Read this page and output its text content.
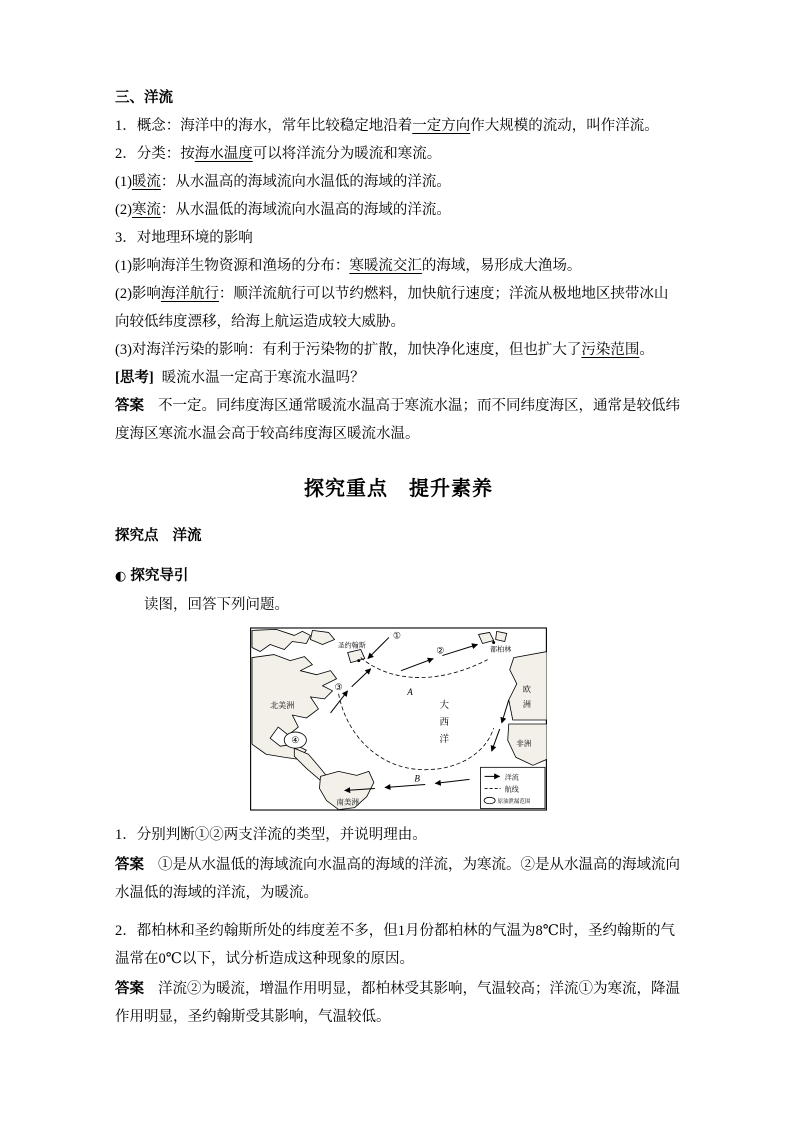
三、洋流

1．概念：海洋中的海水，常年比较稳定地沿着一定方向作大规模的流动，叫作洋流。

2．分类：按海水温度可以将洋流分为暖流和寒流。

(1)暖流：从水温高的海域流向水温低的海域的洋流。

(2)寒流：从水温低的海域流向水温高的海域的洋流。

3．对地理环境的影响

(1)影响海洋生物资源和渔场的分布：寒暖流交汇的海域，易形成大渔场。

(2)影响海洋航行：顺洋流航行可以节约燃料，加快航行速度；洋流从极地地区挟带冰山向较低纬度漂移，给海上航运造成较大威胁。

(3)对海洋污染的影响：有利于污染物的扩散，加快净化速度，但也扩大了污染范围。

[思考] 暖流水温一定高于寒流水温吗？

答案 不一定。同纬度海区通常暖流水温高于寒流水温；而不同纬度海区，通常是较低纬度海区寒流水温会高于较高纬度海区暖流水温。

探究重点　提升素养

探究点 洋流

◐ 探究导引

读图，回答下列问题。

北美洲
南美洲
欧
洲
非洲
大
西
洋
圣约翰斯
都柏林
①
②
③
④
A
B	洋流
航线
原油泄漏范围

1．分别判断①②两支洋流的类型，并说明理由。

答案 ①是从水温低的海域流向水温高的海域的洋流，为寒流。②是从水温高的海域流向水温低的海域的洋流，为暖流。

2．都柏林和圣约翰斯所处的纬度差不多，但1月份都柏林的气温为8℃时，圣约翰斯的气温常在0℃以下，试分析造成这种现象的原因。

答案 洋流②为暖流，增温作用明显，都柏林受其影响，气温较高；洋流①为寒流，降温作用明显，圣约翰斯受其影响，气温较低。
